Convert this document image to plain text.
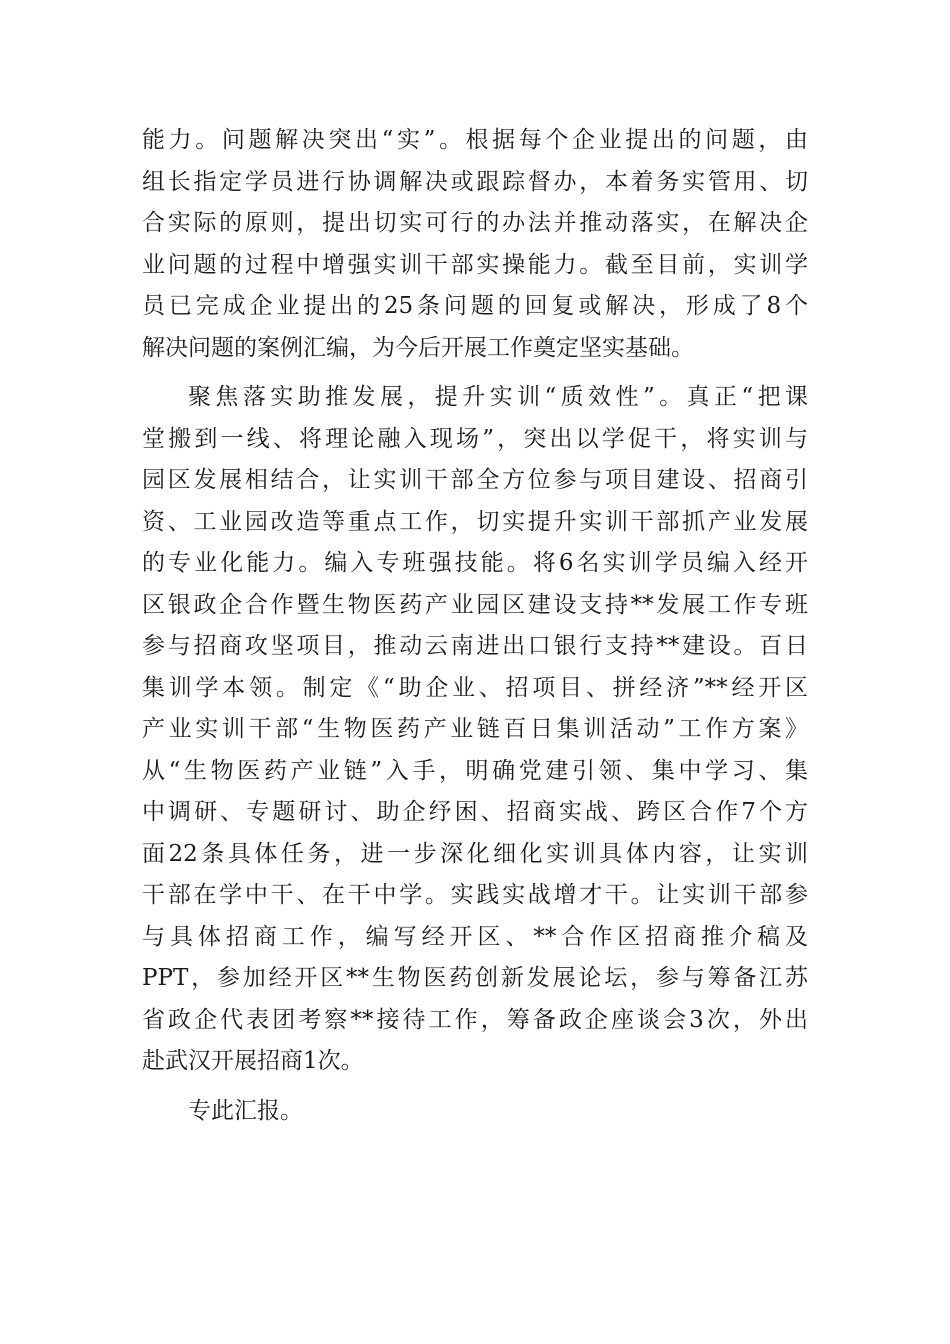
能力。问题解决突出“实”。根据每个企业提出的问题，由
组长指定学员进行协调解决或跟踪督办，本着务实管用、切
合实际的原则，提出切实可行的办法并推动落实，在解决企
业问题的过程中增强实训干部实操能力。截至目前，实训学
员已完成企业提出的25条问题的回复或解决，形成了8个
解决问题的案例汇编，为今后开展工作奠定坚实基础。
聚焦落实助推发展，提升实训“质效性”。真正“把课
堂搬到一线、将理论融入现场”，突出以学促干，将实训与
园区发展相结合，让实训干部全方位参与项目建设、招商引
资、工业园改造等重点工作，切实提升实训干部抓产业发展
的专业化能力。编入专班强技能。将6名实训学员编入经开
区银政企合作暨生物医药产业园区建设支持**发展工作专班
参与招商攻坚项目，推动云南进出口银行支持**建设。百日
集训学本领。制定《“助企业、招项目、拼经济”**经开区
产业实训干部“生物医药产业链百日集训活动”工作方案》
从“生物医药产业链”入手，明确党建引领、集中学习、集
中调研、专题研讨、助企纾困、招商实战、跨区合作7个方
面22条具体任务，进一步深化细化实训具体内容，让实训
干部在学中干、在干中学。实践实战增才干。让实训干部参
与具体招商工作，编写经开区、**合作区招商推介稿及
PPT，参加经开区**生物医药创新发展论坛，参与筹备江苏
省政企代表团考察**接待工作，筹备政企座谈会3次，外出
赴武汉开展招商1次。
专此汇报。
